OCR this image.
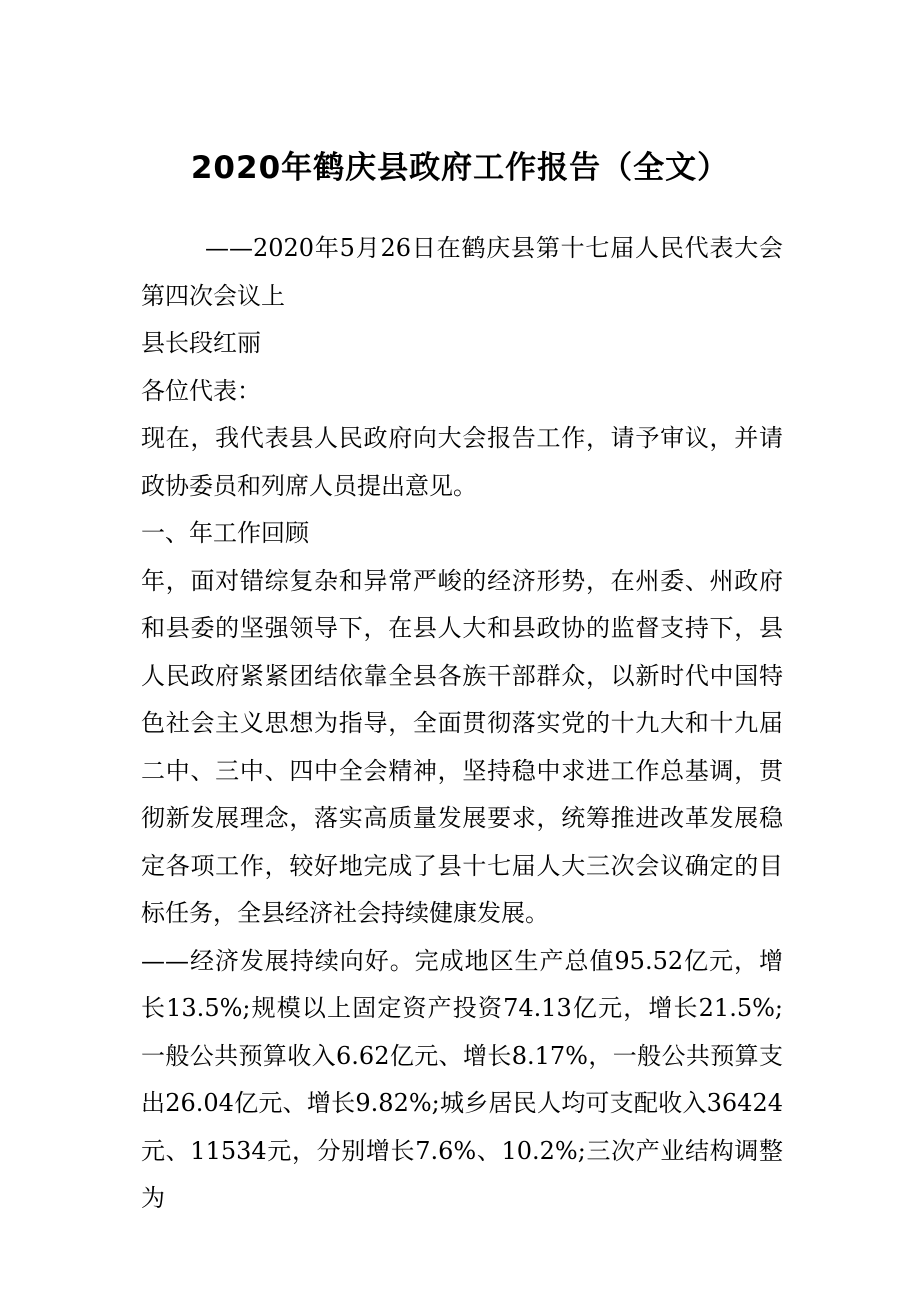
2020年鹤庆县政府工作报告（全文）

——2020年5月26日在鹤庆县第十七届人民代表大会第四次会议上

县长段红丽

各位代表：

现在，我代表县人民政府向大会报告工作，请予审议，并请政协委员和列席人员提出意见。

一、年工作回顾

年，面对错综复杂和异常严峻的经济形势，在州委、州政府和县委的坚强领导下，在县人大和县政协的监督支持下，县人民政府紧紧团结依靠全县各族干部群众，以新时代中国特色社会主义思想为指导，全面贯彻落实党的十九大和十九届二中、三中、四中全会精神，坚持稳中求进工作总基调，贯彻新发展理念，落实高质量发展要求，统筹推进改革发展稳定各项工作，较好地完成了县十七届人大三次会议确定的目标任务，全县经济社会持续健康发展。

——经济发展持续向好。完成地区生产总值95.52亿元，增长13.5%;规模以上固定资产投资74.13亿元，增长21.5%;一般公共预算收入6.62亿元、增长8.17%，一般公共预算支出26.04亿元、增长9.82%;城乡居民人均可支配收入36424元、11534元，分别增长7.6%、10.2%;三次产业结构调整为
